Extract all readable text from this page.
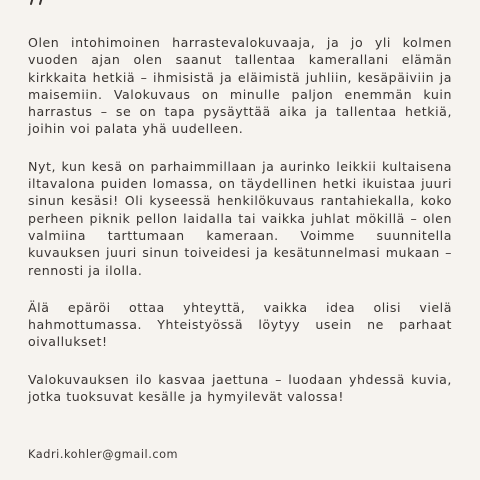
Olen intohimoinen harrastevalokuvaaja, ja jo yli kolmen vuoden ajan olen saanut tallentaa kamerallani elämän kirkkaita hetkiä – ihmisistä ja eläimistä juhliin, kesäpäiviin ja maisemiin. Valokuvaus on minulle paljon enemmän kuin harrastus – se on tapa pysäyttää aika ja tallentaa hetkiä, joihin voi palata yhä uudelleen.

Nyt, kun kesä on parhaimmillaan ja aurinko leikkii kultaisena iltavalona puiden lomassa, on täydellinen hetki ikuistaa juuri sinun kesäsi! Oli kyseessä henkilökuvaus rantahiekalla, koko perheen piknik pellon laidalla tai vaikka juhlat mökillä – olen valmiina tarttumaan kameraan. Voimme suunnitella kuvauksen juuri sinun toiveidesi ja kesätunnelmasi mukaan – rennosti ja ilolla.

Älä epäröi ottaa yhteyttä, vaikka idea olisi vielä hahmottumassa. Yhteistyössä löytyy usein ne parhaat oivallukset!

Valokuvauksen ilo kasvaa jaettuna – luodaan yhdessä kuvia, jotka tuoksuvat kesälle ja hymyilevät valossa!

Kadri.kohler@gmail.com
